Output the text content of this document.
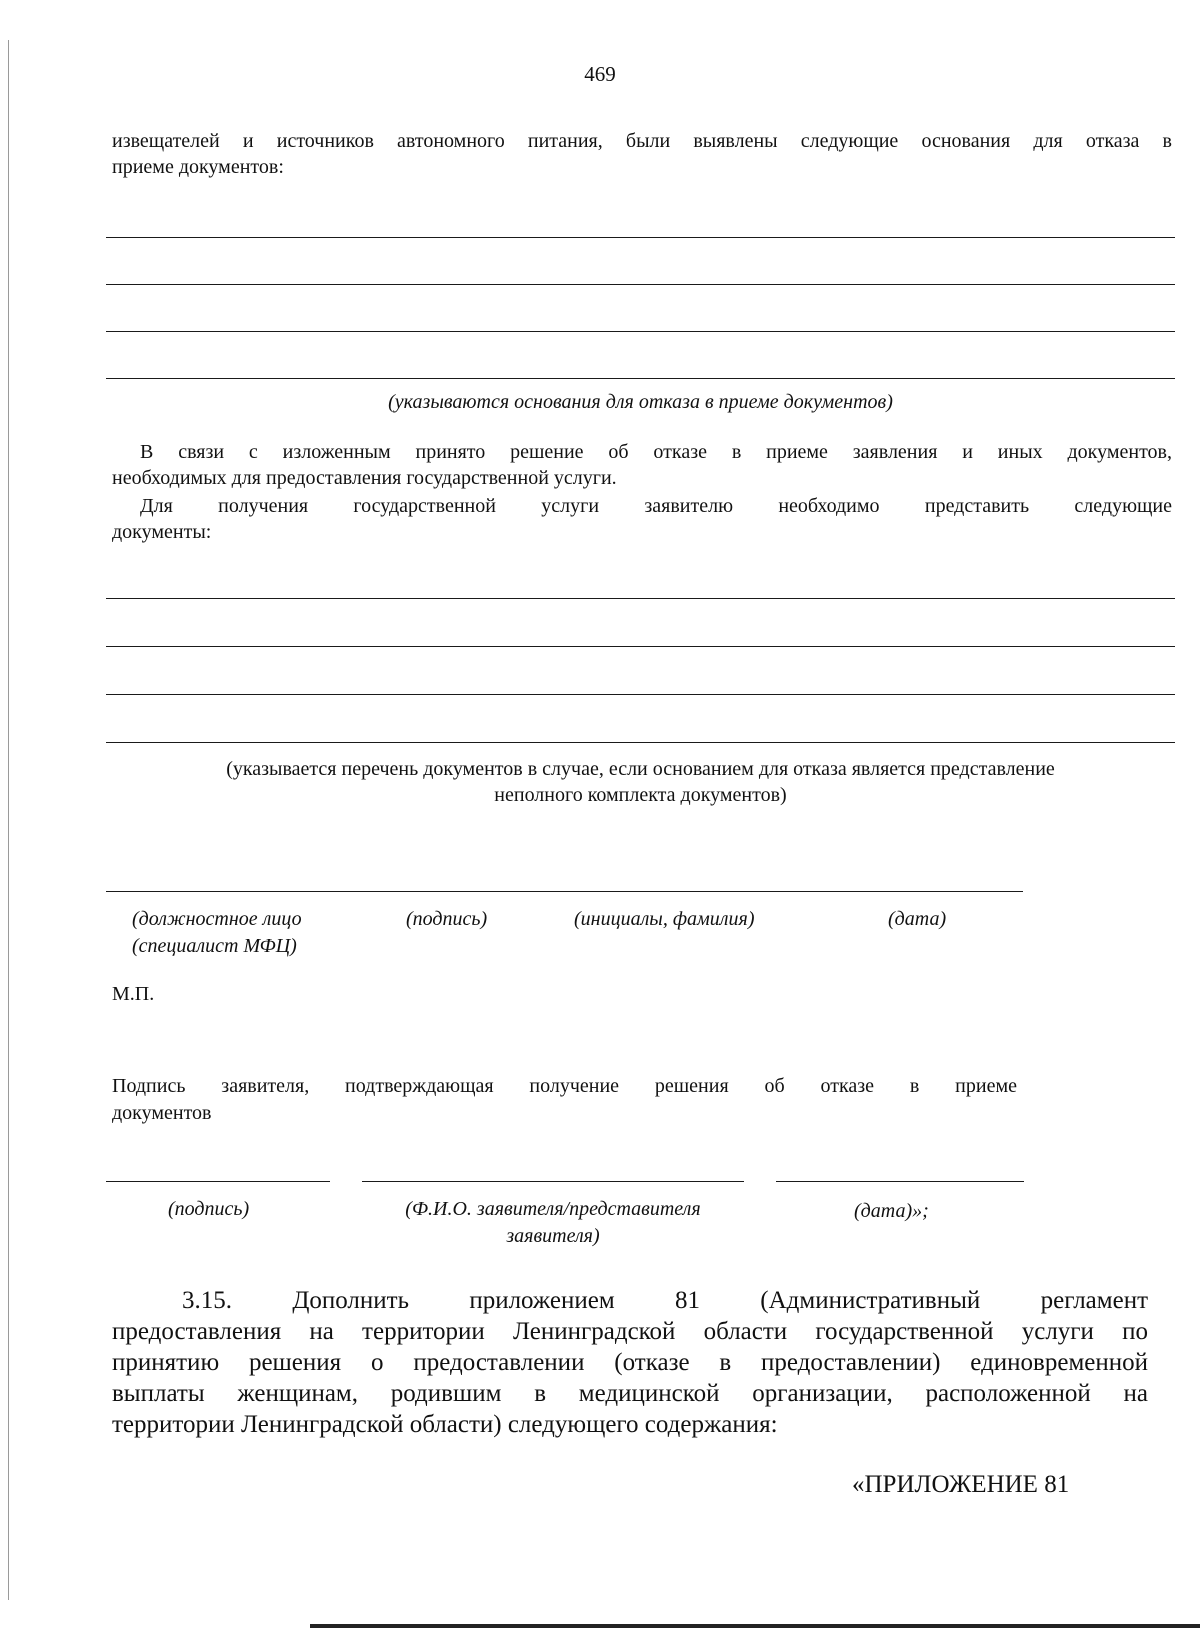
469
извещателей и источников автономного питания, были выявлены следующие основания для отказа в
приеме документов:
(указываются основания для отказа в приеме документов)
В связи с изложенным принято решение об отказе в приеме заявления и иных документов,
необходимых для предоставления государственной услуги.
Для получения государственной услуги заявителю необходимо представить следующие
документы:
(указывается перечень документов в случае, если основанием для отказа является представление
неполного комплекта документов)
(должностное лицо
(специалист МФЦ)
(подпись)	(инициалы, фамилия)	(дата)
М.П.
Подпись заявителя, подтверждающая получение решения об отказе в приеме
документов
(подпись)	(Ф.И.О. заявителя/представителя
заявителя)
(дата)»;
3.15. Дополнить приложением 81 (Административный регламент
предоставления на территории Ленинградской области государственной услуги по
принятию решения о предоставлении (отказе в предоставлении) единовременной
выплаты женщинам, родившим в медицинской организации, расположенной на
территории Ленинградской области) следующего содержания:
«ПРИЛОЖЕНИЕ 81
